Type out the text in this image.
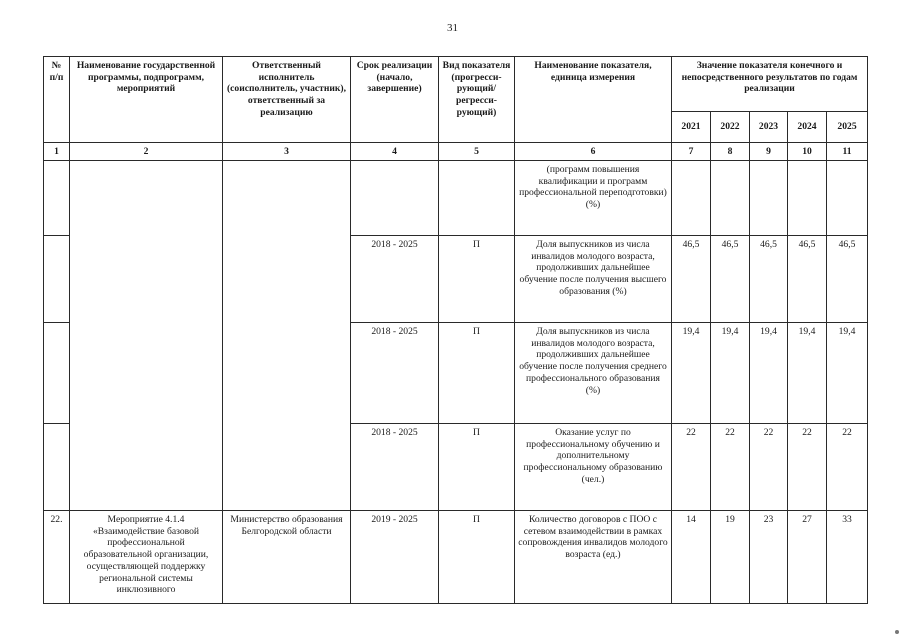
31
№ п/п	Наименование государственной программы, подпрограмм, мероприятий	Ответственный исполнитель (соисполнитель, участник), ответственный за реализацию	Срок реализации (начало, завершение)	Вид показателя (прогресси-рующий/ регресси-рующий)	Наименование показателя, единица измерения	Значение показателя конечного и непосредственного результатов по годам реализации				
						2021	2022	2023	2024	2025
1	2	3	4	5	6	7	8	9	10	11
					(программ повышения квалификации и программ профессиональной переподготовки) (%)					
			2018 - 2025	П	Доля выпускников из числа инвалидов молодого возраста, продолживших дальнейшее обучение после получения высшего образования (%)	46,5	46,5	46,5	46,5	46,5
			2018 - 2025	П	Доля выпускников из числа инвалидов молодого возраста, продолживших дальнейшее обучение после получения среднего профессионального образования (%)	19,4	19,4	19,4	19,4	19,4
			2018 - 2025	П	Оказание услуг по профессиональному обучению и дополнительному профессиональному образованию (чел.)	22	22	22	22	22
22.	Мероприятие 4.1.4 «Взаимодействие базовой профессиональной образовательной организации, осуществляющей поддержку региональной системы инклюзивного	Министерство образования Белгородской области	2019 - 2025	П	Количество договоров с ПОО с сетевом взаимодействии в рамках сопровождения инвалидов молодого возраста (ед.)	14	19	23	27	33
